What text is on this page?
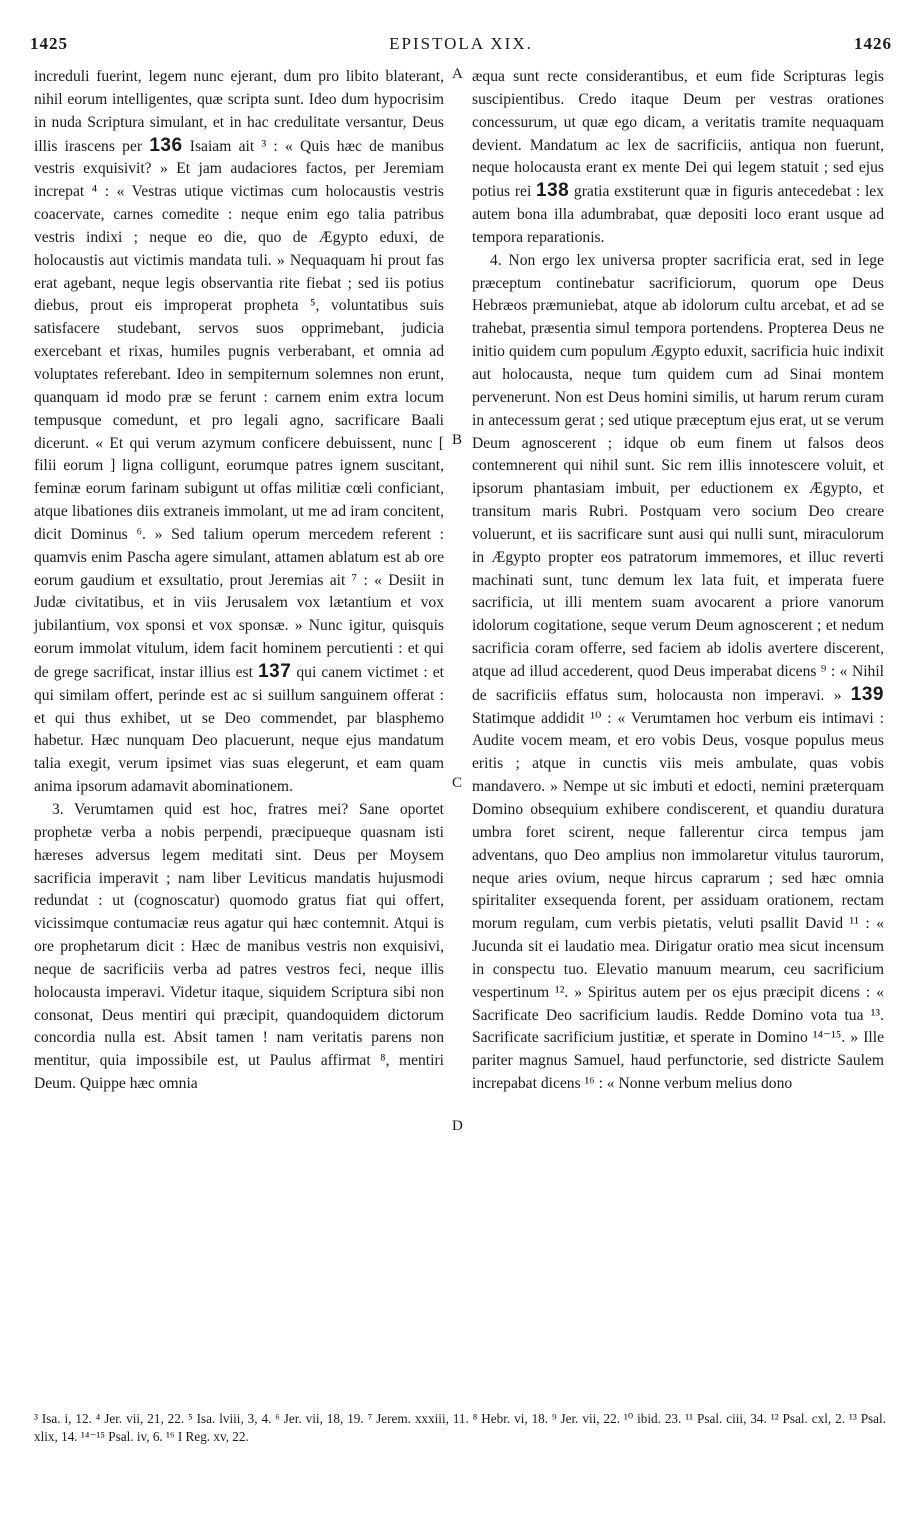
1425	EPISTOLA XIX.	1426
A
B
C
D

increduli fuerint, legem nunc ejerant, dum pro libito blaterant, nihil eorum intelligentes, quæ scripta sunt. Ideo dum hypocrisim in nuda Scriptura simulant, et in hac credulitate versantur, Deus illis irascens per 136 Isaiam ait ³ : « Quis hæc de manibus vestris exquisivit? » Et jam audaciores factos, per Jeremiam increpat ⁴ : « Vestras utique victimas cum holocaustis vestris coacervate, carnes comedite : neque enim ego talia patribus vestris indixi ; neque eo die, quo de Ægypto eduxi, de holocaustis aut victimis mandata tuli. » Nequaquam hi prout fas erat agebant, neque legis observantia rite fiebat ; sed iis potius diebus, prout eis improperat propheta ⁵, voluntatibus suis satisfacere studebant, servos suos opprimebant, judicia exercebant et rixas, humiles pugnis verberabant, et omnia ad voluptates referebant. Ideo in sempiternum solemnes non erunt, quanquam id modo præ se ferunt : carnem enim extra locum tempusque comedunt, et pro legali agno, sacrificare Baali dicerunt. « Et qui verum azymum conficere debuissent, nunc [ filii eorum ] ligna colligunt, eorumque patres ignem suscitant, feminæ eorum farinam subigunt ut offas militiæ cœli conficiant, atque libationes diis extraneis immolant, ut me ad iram concitent, dicit Dominus ⁶. » Sed talium operum mercedem referent : quamvis enim Pascha agere simulant, attamen ablatum est ab ore eorum gaudium et exsultatio, prout Jeremias ait ⁷ : « Desiit in Judæ civitatibus, et in viis Jerusalem vox lætantium et vox jubilantium, vox sponsi et vox sponsæ. » Nunc igitur, quisquis eorum immolat vitulum, idem facit hominem percutienti : et qui de grege sacrificat, instar illius est 137 qui canem victimet : et qui similam offert, perinde est ac si suillum sanguinem offerat : et qui thus exhibet, ut se Deo commendet, par blasphemo habetur. Hæc nunquam Deo placuerunt, neque ejus mandatum talia exegit, verum ipsimet vias suas elegerunt, et eam quam anima ipsorum adamavit abominationem.

3. Verumtamen quid est hoc, fratres mei? Sane oportet prophetæ verba a nobis perpendi, præcipueque quasnam isti hæreses adversus legem meditati sint. Deus per Moysem sacrificia imperavit ; nam liber Leviticus mandatis hujusmodi redundat : ut (cognoscatur) quomodo gratus fiat qui offert, vicissimque contumaciæ reus agatur qui hæc contemnit. Atqui is ore prophetarum dicit : Hæc de manibus vestris non exquisivi, neque de sacrificiis verba ad patres vestros feci, neque illis holocausta imperavi. Videtur itaque, siquidem Scriptura sibi non consonat, Deus mentiri qui præcipit, quandoquidem dictorum concordia nulla est. Absit tamen ! nam veritatis parens non mentitur, quia impossibile est, ut Paulus affirmat ⁸, mentiri Deum. Quippe hæc omnia

æqua sunt recte considerantibus, et eum fide Scripturas legis suscipientibus. Credo itaque Deum per vestras orationes concessurum, ut quæ ego dicam, a veritatis tramite nequaquam devient. Mandatum ac lex de sacrificiis, antiqua non fuerunt, neque holocausta erant ex mente Dei qui legem statuit ; sed ejus potius rei 138 gratia exstiterunt quæ in figuris antecedebat : lex autem bona illa adumbrabat, quæ depositi loco erant usque ad tempora reparationis.

4. Non ergo lex universa propter sacrificia erat, sed in lege præceptum continebatur sacrificiorum, quorum ope Deus Hebræos præmuniebat, atque ab idolorum cultu arcebat, et ad se trahebat, præsentia simul tempora portendens. Propterea Deus ne initio quidem cum populum Ægypto eduxit, sacrificia huic indixit aut holocausta, neque tum quidem cum ad Sinai montem pervenerunt. Non est Deus homini similis, ut harum rerum curam in antecessum gerat ; sed utique præceptum ejus erat, ut se verum Deum agnoscerent ; idque ob eum finem ut falsos deos contemnerent qui nihil sunt. Sic rem illis innotescere voluit, et ipsorum phantasiam imbuit, per eductionem ex Ægypto, et transitum maris Rubri. Postquam vero socium Deo creare voluerunt, et iis sacrificare sunt ausi qui nulli sunt, miraculorum in Ægypto propter eos patratorum immemores, et illuc reverti machinati sunt, tunc demum lex lata fuit, et imperata fuere sacrificia, ut illi mentem suam avocarent a priore vanorum idolorum cogitatione, seque verum Deum agnoscerent ; et nedum sacrificia coram offerre, sed faciem ab idolis avertere discerent, atque ad illud accederent, quod Deus imperabat dicens ⁹ : « Nihil de sacrificiis effatus sum, holocausta non imperavi. » 139 Statimque addidit ¹⁰ : « Verumtamen hoc verbum eis intimavi : Audite vocem meam, et ero vobis Deus, vosque populus meus eritis ; atque in cunctis viis meis ambulate, quas vobis mandavero. » Nempe ut sic imbuti et edocti, nemini præterquam Domino obsequium exhibere condiscerent, et quandiu duratura umbra foret scirent, neque fallerentur circa tempus jam adventans, quo Deo amplius non immolaretur vitulus taurorum, neque aries ovium, neque hircus caprarum ; sed hæc omnia spiritaliter exsequenda forent, per assiduam orationem, rectam morum regulam, cum verbis pietatis, veluti psallit David ¹¹ : « Jucunda sit ei laudatio mea. Dirigatur oratio mea sicut incensum in conspectu tuo. Elevatio manuum mearum, ceu sacrificium vespertinum ¹². » Spiritus autem per os ejus præcipit dicens : « Sacrificate Deo sacrificium laudis. Redde Domino vota tua ¹³. Sacrificate sacrificium justitiæ, et sperate in Domino ¹⁴⁻¹⁵. » Ille pariter magnus Samuel, haud perfunctorie, sed districte Saulem increpabat dicens ¹⁶ : « Nonne verbum melius dono

³ Isa. i, 12. ⁴ Jer. vii, 21, 22. ⁵ Isa. lviii, 3, 4. ⁶ Jer. vii, 18, 19. ⁷ Jerem. xxxiii, 11. ⁸ Hebr. vi, 18. ⁹ Jer. vii, 22. ¹⁰ ibid. 23. ¹¹ Psal. ciii, 34. ¹² Psal. cxl, 2. ¹³ Psal. xlix, 14. ¹⁴⁻¹⁵ Psal. iv, 6. ¹⁶ I Reg. xv, 22.
